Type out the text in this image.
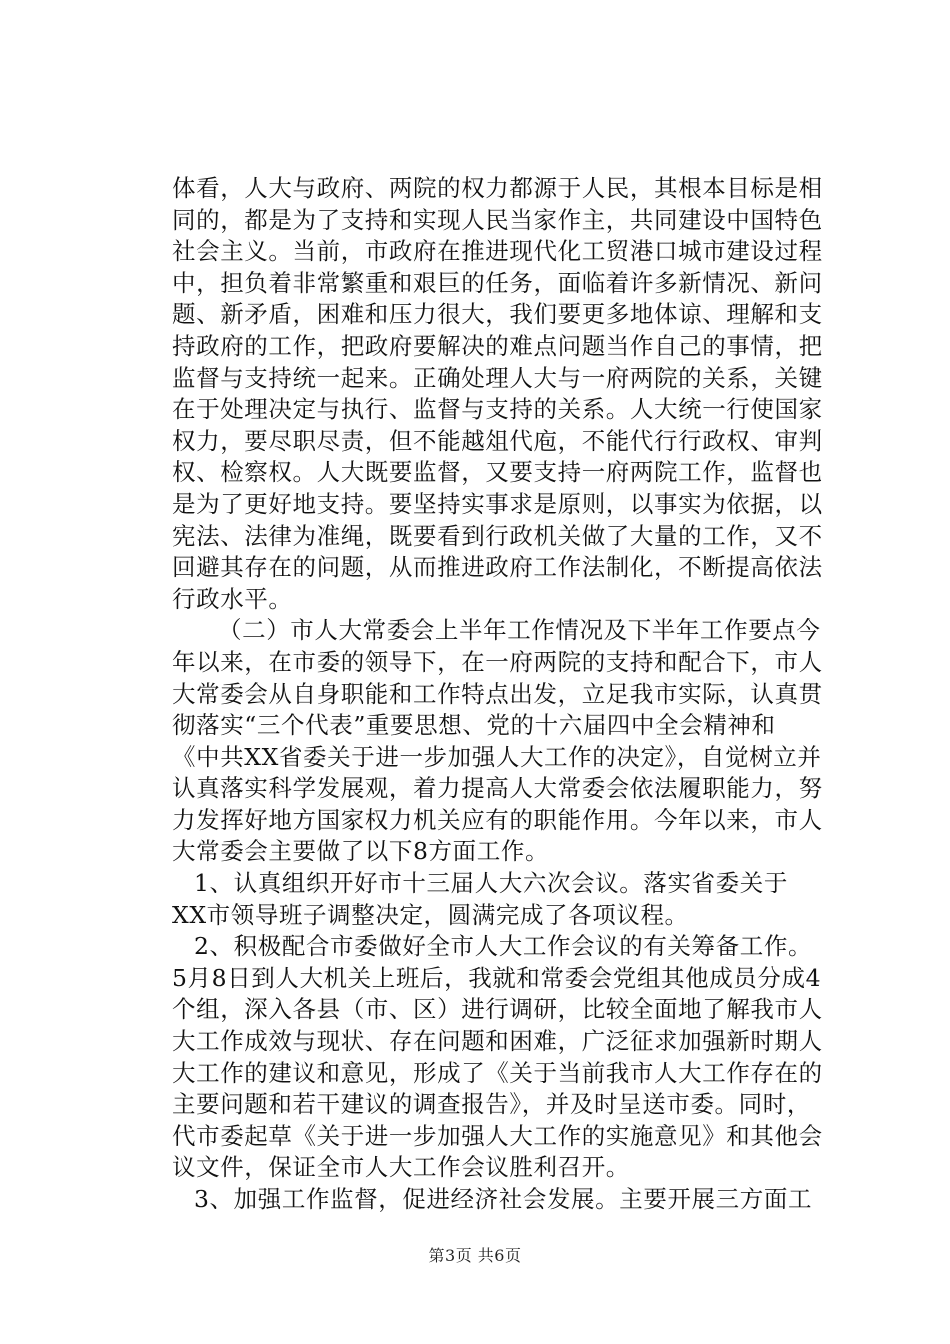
体看，人大与政府、两院的权力都源于人民，其根本目标是相
同的，都是为了支持和实现人民当家作主，共同建设中国特色
社会主义。当前，市政府在推进现代化工贸港口城市建设过程
中，担负着非常繁重和艰巨的任务，面临着许多新情况、新问
题、新矛盾，困难和压力很大，我们要更多地体谅、理解和支
持政府的工作，把政府要解决的难点问题当作自己的事情，把
监督与支持统一起来。正确处理人大与一府两院的关系，关键
在于处理决定与执行、监督与支持的关系。人大统一行使国家
权力，要尽职尽责，但不能越俎代庖，不能代行行政权、审判
权、检察权。人大既要监督，又要支持一府两院工作，监督也
是为了更好地支持。要坚持实事求是原则，以事实为依据，以
宪法、法律为准绳，既要看到行政机关做了大量的工作，又不
回避其存在的问题，从而推进政府工作法制化，不断提高依法
行政水平。
（二）市人大常委会上半年工作情况及下半年工作要点今
年以来，在市委的领导下，在一府两院的支持和配合下，市人
大常委会从自身职能和工作特点出发，立足我市实际，认真贯
彻落实“三个代表”重要思想、党的十六届四中全会精神和
《中共XX省委关于进一步加强人大工作的决定》，自觉树立并
认真落实科学发展观，着力提高人大常委会依法履职能力，努
力发挥好地方国家权力机关应有的职能作用。今年以来，市人
大常委会主要做了以下8方面工作。
1、认真组织开好市十三届人大六次会议。落实省委关于
XX市领导班子调整决定，圆满完成了各项议程。
2、积极配合市委做好全市人大工作会议的有关筹备工作。
5月8日到人大机关上班后，我就和常委会党组其他成员分成4
个组，深入各县（市、区）进行调研，比较全面地了解我市人
大工作成效与现状、存在问题和困难，广泛征求加强新时期人
大工作的建议和意见，形成了《关于当前我市人大工作存在的
主要问题和若干建议的调查报告》，并及时呈送市委。同时，
代市委起草《关于进一步加强人大工作的实施意见》和其他会
议文件，保证全市人大工作会议胜利召开。
3、加强工作监督，促进经济社会发展。主要开展三方面工
第3页 共6页
